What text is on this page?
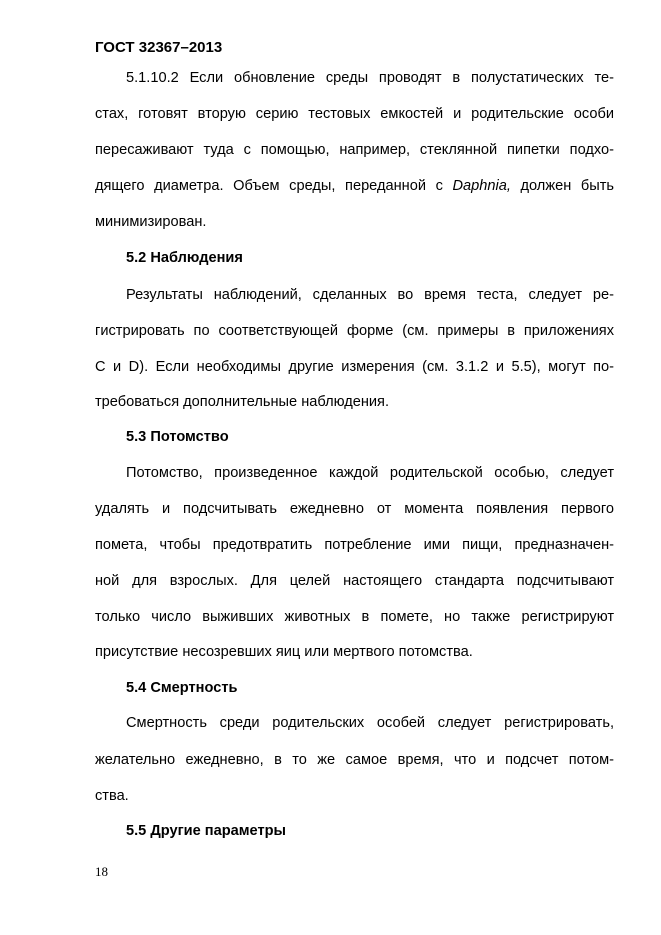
ГОСТ 32367–2013
5.1.10.2 Если обновление среды проводят в полустатических те-
стах, готовят вторую серию тестовых емкостей и родительские особи
пересаживают туда с помощью, например, стеклянной пипетки подхо-
дящего диаметра. Объем среды, переданной с Daphnia, должен быть
минимизирован.
5.2 Наблюдения
Результаты наблюдений, сделанных во время теста, следует ре-
гистрировать по соответствующей форме (см. примеры в приложениях
С и D). Если необходимы другие измерения (см. 3.1.2 и 5.5), могут по-
требоваться дополнительные наблюдения.
5.3 Потомство
Потомство, произведенное каждой родительской особью, следует
удалять и подсчитывать ежедневно от момента появления первого
помета, чтобы предотвратить потребление ими пищи, предназначен-
ной для взрослых. Для целей настоящего стандарта подсчитывают
только число выживших животных в помете, но также регистрируют
присутствие несозревших яиц или мертвого потомства.
5.4 Смертность
Смертность среди родительских особей следует регистрировать,
желательно ежедневно, в то же самое время, что и подсчет потом-
ства.
5.5 Другие параметры
18
